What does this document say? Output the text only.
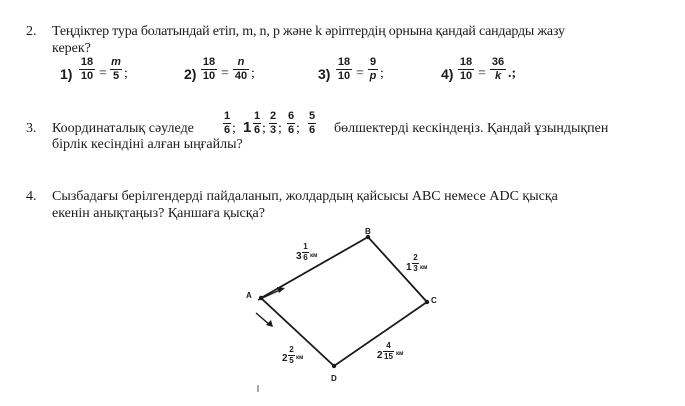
2. Теңдіктер тура болатындай етіп, m, n, p және k әріптердің орнына қандай сандарды жазу
керек?
1)
18
10 =
m
5 ;	2)
18
10 =
n
40 ;	3)
18
10 =
9
p ;	4)
18
10 =
36
k .;
3. Координаталық сәуледе
1
6 ; 1
1
6 ;
2
3 ;
6
6 ;
5
6 бөлшектерді кескіндеңіз. Қандай ұзындықпен
бірлік кесіндіні алған ыңғайлы?
4. Сызбадағы берілгендерді пайдаланып, жолдардың қайсысы ABC немесе ADC қысқа
екенін анықтаңыз? Қаншаға қысқа?
A
B
C
D
3
1
6 км
1
2
3 км
2
2
5 км	2
4
15 км
